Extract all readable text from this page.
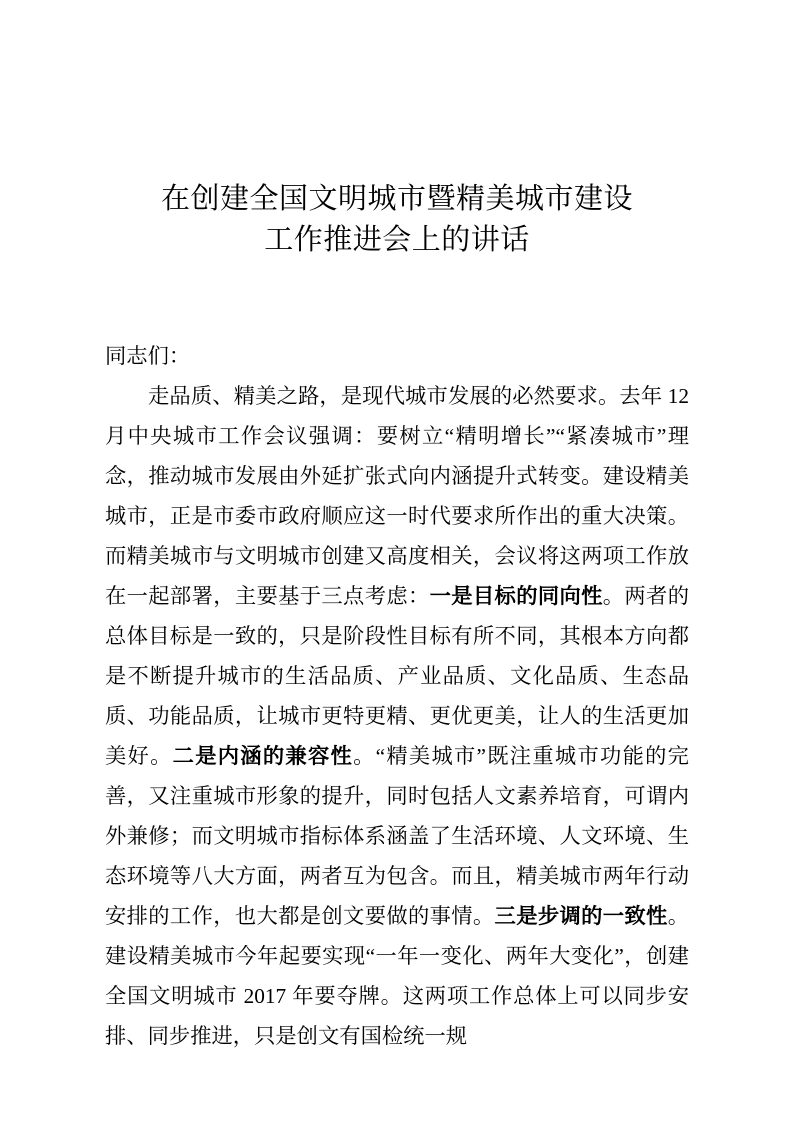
在创建全国文明城市暨精美城市建设
工作推进会上的讲话

同志们：

走品质、精美之路，是现代城市发展的必然要求。去年 12 月中央城市工作会议强调：要树立“精明增长”“紧凑城市”理念，推动城市发展由外延扩张式向内涵提升式转变。建设精美城市，正是市委市政府顺应这一时代要求所作出的重大决策。而精美城市与文明城市创建又高度相关，会议将这两项工作放在一起部署，主要基于三点考虑：一是目标的同向性。两者的总体目标是一致的，只是阶段性目标有所不同，其根本方向都是不断提升城市的生活品质、产业品质、文化品质、生态品质、功能品质，让城市更特更精、更优更美，让人的生活更加美好。二是内涵的兼容性。“精美城市”既注重城市功能的完善，又注重城市形象的提升，同时包括人文素养培育，可谓内外兼修；而文明城市指标体系涵盖了生活环境、人文环境、生态环境等八大方面，两者互为包含。而且，精美城市两年行动安排的工作，也大都是创文要做的事情。三是步调的一致性。建设精美城市今年起要实现“一年一变化、两年大变化”，创建全国文明城市 2017 年要夺牌。这两项工作总体上可以同步安排、同步推进，只是创文有国检统一规
